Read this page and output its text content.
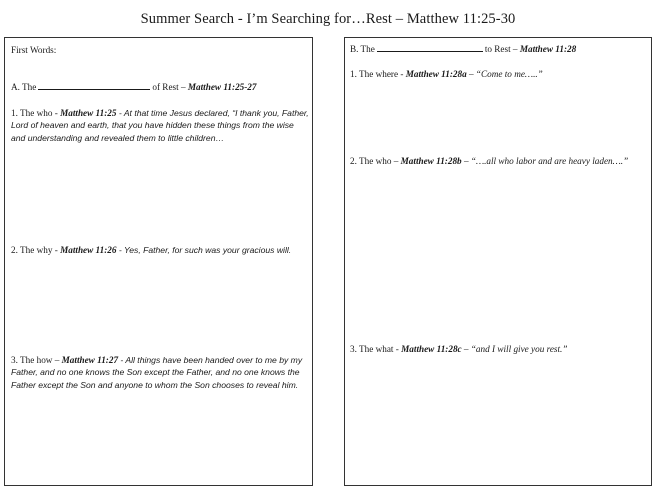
Summer Search - I’m Searching for…Rest – Matthew 11:25-30
First Words:
A. The	of Rest – Matthew 11:25-27
1. The who - Matthew 11:25 - At that time Jesus declared, “I thank you, Father, Lord of heaven and earth, that you have hidden these things from the wise and understanding and revealed them to little children…
2. The why - Matthew 11:26 - Yes, Father, for such was your gracious will.
3. The how – Matthew 11:27 - All things have been handed over to me by my Father, and no one knows the Son except the Father, and no one knows the Father except the Son and anyone to whom the Son chooses to reveal him.
B. The	to Rest – Matthew 11:28
1. The where - Matthew 11:28a – “Come to me…..”
2. The who – Matthew 11:28b – “….all who labor and are heavy laden….”
3. The what - Matthew 11:28c – “and I will give you rest.”
